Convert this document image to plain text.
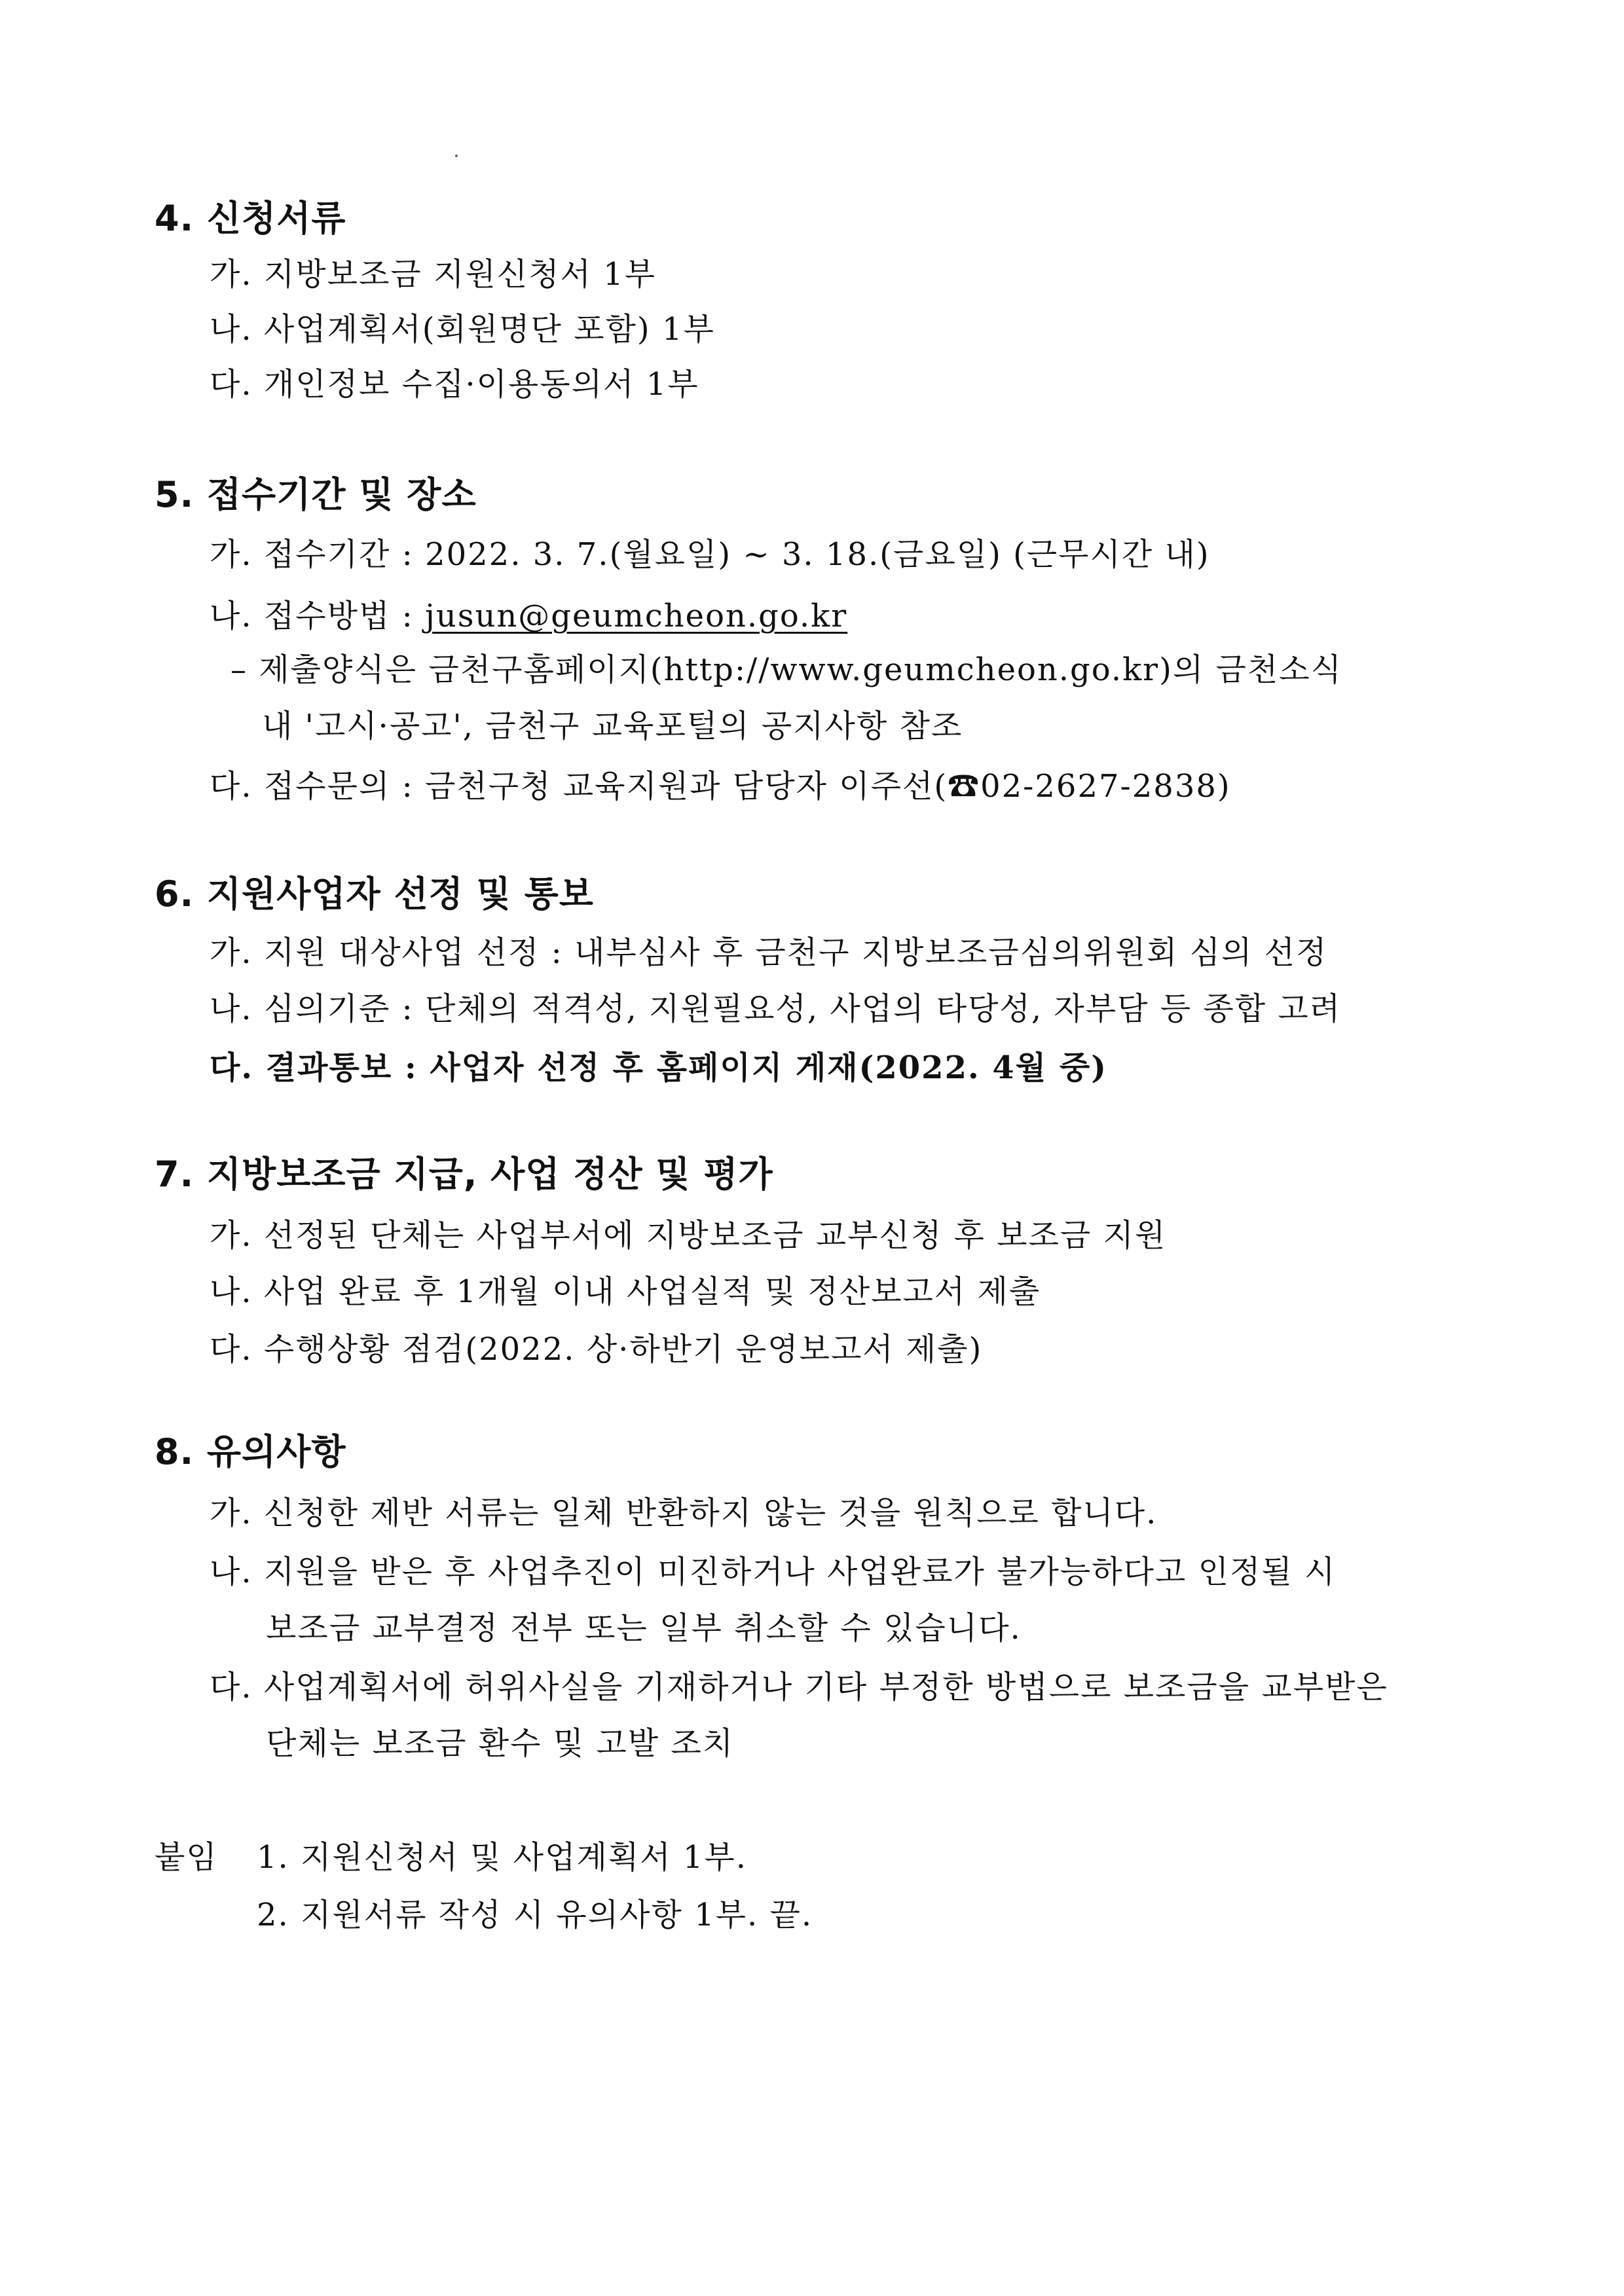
4. 신청서류
가. 지방보조금 지원신청서 1부
나. 사업계획서(회원명단 포함) 1부
다. 개인정보 수집·이용동의서 1부
5. 접수기간 및 장소
가. 접수기간 : 2022. 3. 7.(월요일) ~ 3. 18.(금요일) (근무시간 내)
나. 접수방법 : jusun@geumcheon.go.kr
– 제출양식은 금천구홈페이지(http://www.geumcheon.go.kr)의 금천소식
내 '고시·공고', 금천구 교육포털의 공지사항 참조
다. 접수문의 : 금천구청 교육지원과 담당자 이주선(☎02-2627-2838)
6. 지원사업자 선정 및 통보
가. 지원 대상사업 선정 : 내부심사 후 금천구 지방보조금심의위원회 심의 선정
나. 심의기준 : 단체의 적격성, 지원필요성, 사업의 타당성, 자부담 등 종합 고려
다. 결과통보 : 사업자 선정 후 홈페이지 게재(2022. 4월 중)
7. 지방보조금 지급, 사업 정산 및 평가
가. 선정된 단체는 사업부서에 지방보조금 교부신청 후 보조금 지원
나. 사업 완료 후 1개월 이내 사업실적 및 정산보고서 제출
다. 수행상황 점검(2022. 상·하반기 운영보고서 제출)
8. 유의사항
가. 신청한 제반 서류는 일체 반환하지 않는 것을 원칙으로 합니다.
나. 지원을 받은 후 사업추진이 미진하거나 사업완료가 불가능하다고 인정될 시
보조금 교부결정 전부 또는 일부 취소할 수 있습니다.
다. 사업계획서에 허위사실을 기재하거나 기타 부정한 방법으로 보조금을 교부받은
단체는 보조금 환수 및 고발 조치
붙임 1. 지원신청서 및 사업계획서 1부.
2. 지원서류 작성 시 유의사항 1부. 끝.
